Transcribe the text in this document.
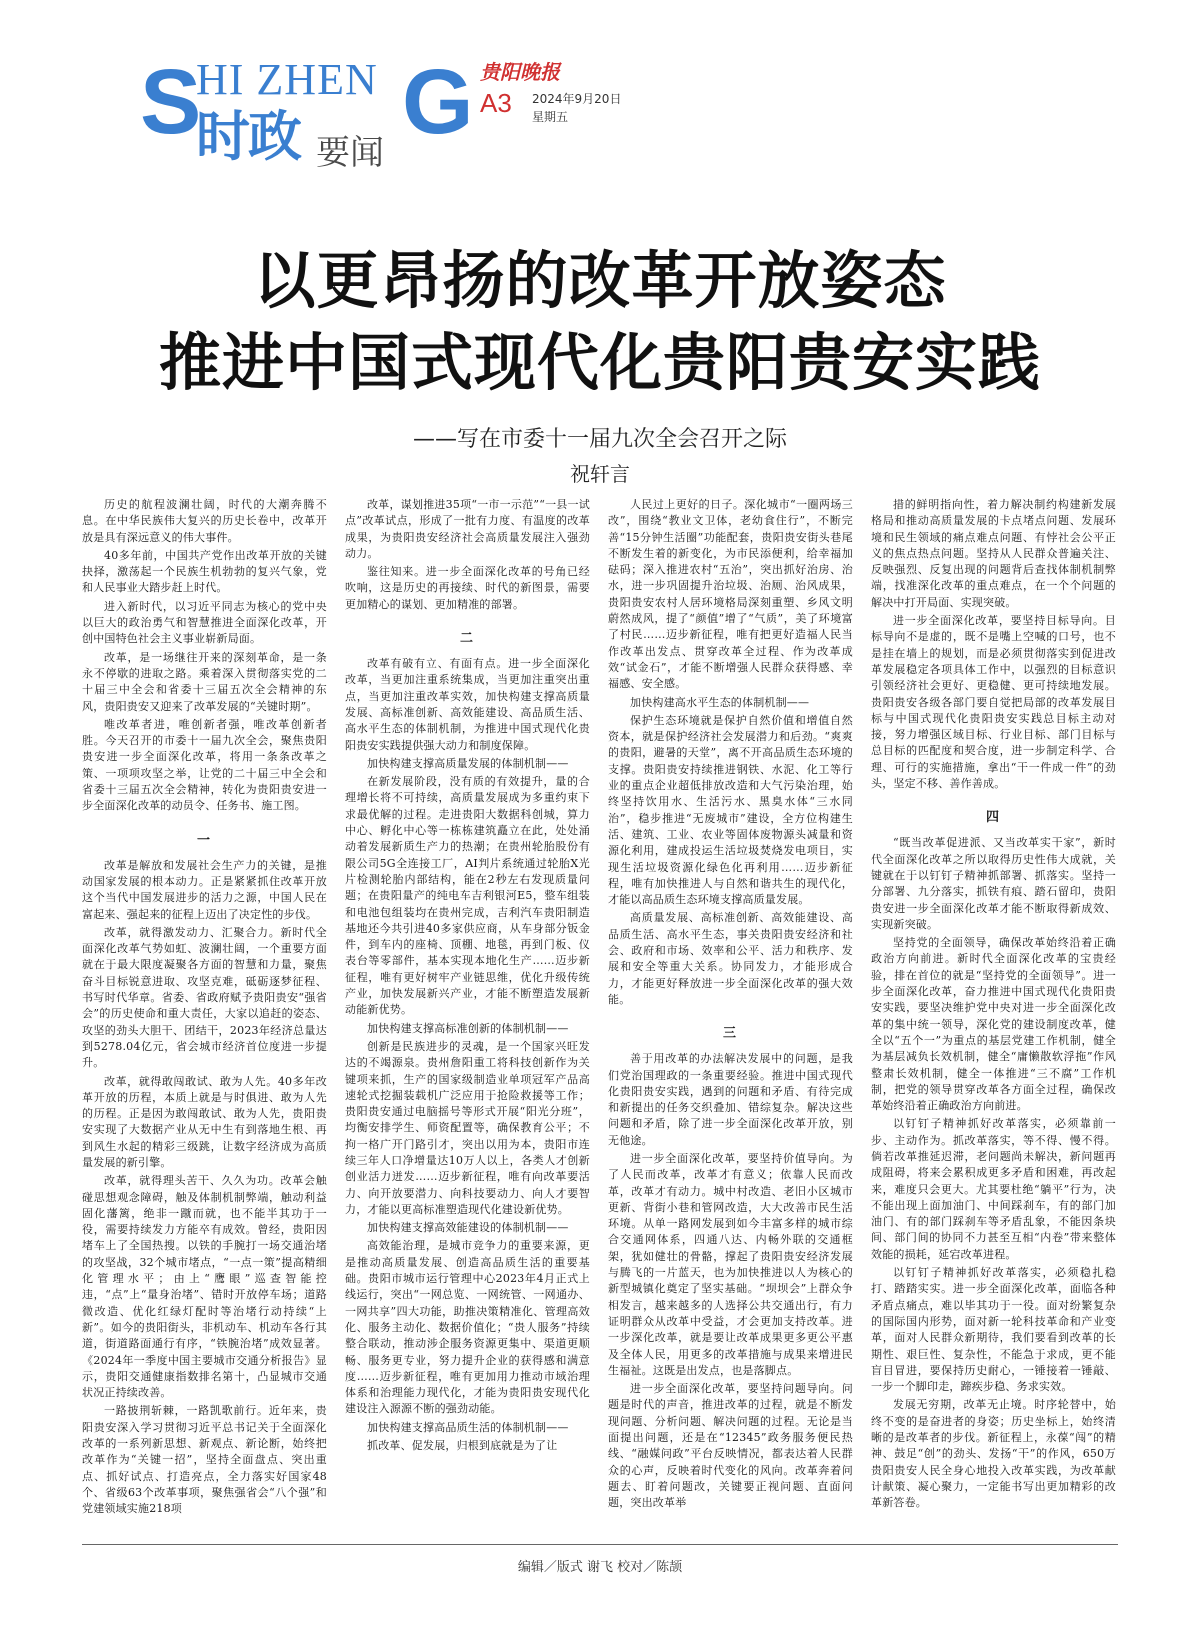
S
HI ZHEN G
时政 要闻
贵阳晚报
A3 2024年9月20日
星期五
以更昂扬的改革开放姿态
推进中国式现代化贵阳贵安实践
——写在市委十一届九次全会召开之际
祝轩言

历史的航程波澜壮阔，时代的大潮奔腾不息。在中华民族伟大复兴的历史长卷中，改革开放是具有深远意义的伟大事件。

40多年前，中国共产党作出改革开放的关键抉择，激荡起一个民族生机勃勃的复兴气象，党和人民事业大踏步赶上时代。

进入新时代，以习近平同志为核心的党中央以巨大的政治勇气和智慧推进全面深化改革，开创中国特色社会主义事业崭新局面。

改革，是一场继往开来的深刻革命，是一条永不停歇的进取之路。乘着深入贯彻落实党的二十届三中全会和省委十三届五次全会精神的东风，贵阳贵安又迎来了改革发展的“关键时期”。

唯改革者进，唯创新者强，唯改革创新者胜。今天召开的市委十一届九次全会，聚焦贵阳贵安进一步全面深化改革，将用一条条改革之策、一项项攻坚之举，让党的二十届三中全会和省委十三届五次全会精神，转化为贵阳贵安进一步全面深化改革的动员令、任务书、施工图。

一

改革是解放和发展社会生产力的关键，是推动国家发展的根本动力。正是紧紧抓住改革开放这个当代中国发展进步的活力之源，中国人民在富起来、强起来的征程上迈出了决定性的步伐。

改革，就得激发动力、汇聚合力。新时代全面深化改革气势如虹、波澜壮阔，一个重要方面就在于最大限度凝聚各方面的智慧和力量，聚焦奋斗目标锐意进取、攻坚克难，砥砺逐梦征程、书写时代华章。省委、省政府赋予贵阳贵安“强省会”的历史使命和重大责任，大家以追赶的姿态、攻坚的劲头大胆干、团结干，2023年经济总量达到5278.04亿元，省会城市经济首位度进一步提升。

改革，就得敢闯敢试、敢为人先。40多年改革开放的历程，本质上就是与时俱进、敢为人先的历程。正是因为敢闯敢试、敢为人先，贵阳贵安实现了大数据产业从无中生有到落地生根、再到风生水起的精彩三级跳，让数字经济成为高质量发展的新引擎。

改革，就得理头苦干、久久为功。改革会触碰思想观念障碍，触及体制机制弊端，触动利益固化藩篱，绝非一蹴而就，也不能半其功于一役，需要持续发力方能卒有成效。曾经，贵阳因堵车上了全国热搜。以铁的手腕打一场交通治堵的攻坚战，32个城市堵点，“一点一策”提高精细化管理水平；由上“鹰眼”巡查智能控违，“点”上“量身治堵”、错时开放停车场；道路微改造、优化红绿灯配时等治堵行动持续“上新”。如今的贵阳街头，非机动车、机动车各行其道，街道路面通行有序，“铁腕治堵”成效显著。《2024年一季度中国主要城市交通分析报告》显示，贵阳交通健康指数排名第十，凸显城市交通状况正持续改善。

一路披荆斩棘，一路凯歌前行。近年来，贵阳贵安深入学习贯彻习近平总书记关于全面深化改革的一系列新思想、新观点、新论断，始终把改革作为“关键一招”，坚持全面盘点、突出重点、抓好试点、打造亮点，全力落实好国家48个、省级63个改革事项，聚焦强省会“八个强”和党建领域实施218项

改革，谋划推进35项“一市一示范”“一县一试点”改革试点，形成了一批有力度、有温度的改革成果，为贵阳贵安经济社会高质量发展注入强劲动力。

鉴往知来。进一步全面深化改革的号角已经吹响，这是历史的再接续、时代的新图景，需要更加精心的谋划、更加精准的部署。

二

改革有破有立、有面有点。进一步全面深化改革，当更加注重系统集成，当更加注重突出重点，当更加注重改革实效，加快构建支撑高质量发展、高标准创新、高效能建设、高品质生活、高水平生态的体制机制，为推进中国式现代化贵阳贵安实践提供强大动力和制度保障。

加快构建支撑高质量发展的体制机制——

在新发展阶段，没有质的有效提升，量的合理增长将不可持续，高质量发展成为多重约束下求最优解的过程。走进贵阳大数据科创城，算力中心、孵化中心等一栋栋建筑矗立在此，处处涌动着发展新质生产力的热潮；在贵州轮胎股份有限公司5G全连接工厂，AI判片系统通过轮胎X光片检测轮胎内部结构，能在2秒左右发现质量问题；在贵阳量产的纯电车吉利银河E5，整车组装和电池包组装均在贵州完成，吉利汽车贵阳制造基地还今共引进40多家供应商，从车身部分钣金件，到车内的座椅、顶棚、地毯，再到门板、仪表台等零部件，基本实现本地化生产……迈步新征程，唯有更好树牢产业链思维，优化升级传统产业，加快发展新兴产业，才能不断塑造发展新动能新优势。

加快构建支撑高标准创新的体制机制——

创新是民族进步的灵魂，是一个国家兴旺发达的不竭源泉。贵州詹阳重工将科技创新作为关键项来抓，生产的国家级制造业单项冠军产品高速轮式挖掘装载机广泛应用于抢险救援等工作；贵阳贵安通过电脑摇号等形式开展“阳光分班”，均衡安排学生、师资配置等，确保教育公平；不拘一格广开门路引才，突出以用为本，贵阳市连续三年人口净增量达10万人以上，各类人才创新创业活力迸发……迈步新征程，唯有向改革要活力、向开放要潜力、向科技要动力、向人才要智力，才能以更高标准塑造现代化建设新优势。

加快构建支撑高效能建设的体制机制——

高效能治理，是城市竞争力的重要来源，更是推动高质量发展、创造高品质生活的重要基础。贵阳市城市运行管理中心2023年4月正式上线运行，突出“一网总览、一网统管、一网通办、一网共享”四大功能，助推决策精准化、管理高效化、服务主动化、数据价值化；“贵人服务”持续整合联动，推动涉企服务资源更集中、渠道更顺畅、服务更专业，努力提升企业的获得感和满意度……迈步新征程，唯有更加用力推动市域治理体系和治理能力现代化，才能为贵阳贵安现代化建设注入源源不断的强劲动能。

加快构建支撑高品质生活的体制机制——

抓改革、促发展，归根到底就是为了让

人民过上更好的日子。深化城市“一圈两场三改”，围绕“教业文卫体，老幼食住行”，不断完善“15分钟生活圈”功能配套，贵阳贵安街头巷尾不断发生着的新变化，为市民添便利，给幸福加砝码；深入推进农村“五治”，突出抓好治房、治水，进一步巩固提升治垃圾、治厕、治风成果，贵阳贵安农村人居环境格局深刻重塑、乡风文明蔚然成风，提了“颜值”增了“气质”，美了环境富了村民……迈步新征程，唯有把更好造福人民当作改革出发点、贯穿改革全过程、作为改革成效“试金石”，才能不断增强人民群众获得感、幸福感、安全感。

加快构建高水平生态的体制机制——

保护生态环境就是保护自然价值和增值自然资本，就是保护经济社会发展潜力和后劲。“爽爽的贵阳，避暑的天堂”，离不开高品质生态环境的支撑。贵阳贵安持续推进钢铁、水泥、化工等行业的重点企业超低排放改造和大气污染治理，始终坚持饮用水、生活污水、黑臭水体“三水同治”，稳步推进“无废城市”建设，全方位构建生活、建筑、工业、农业等固体废物源头减量和资源化利用，建成投运生活垃圾焚烧发电项目，实现生活垃圾资源化绿色化再利用……迈步新征程，唯有加快推进人与自然和谐共生的现代化，才能以高品质生态环境支撑高质量发展。

高质量发展、高标准创新、高效能建设、高品质生活、高水平生态，事关贵阳贵安经济和社会、政府和市场、效率和公平、活力和秩序、发展和安全等重大关系。协同发力，才能形成合力，才能更好释放进一步全面深化改革的强大效能。

三

善于用改革的办法解决发展中的问题，是我们党治国理政的一条重要经验。推进中国式现代化贵阳贵安实践，遇到的问题和矛盾、有待完成和新提出的任务交织叠加、错综复杂。解决这些问题和矛盾，除了进一步全面深化改革开放，别无他途。

进一步全面深化改革，要坚持价值导向。为了人民而改革，改革才有意义；依靠人民而改革，改革才有动力。城中村改造、老旧小区城市更新、背街小巷和管网改造，大大改善市民生活环境。从单一路网发展到如今丰富多样的城市综合交通网体系，四通八达、内畅外联的交通框架，犹如健壮的骨骼，撑起了贵阳贵安经济发展与腾飞的一片蓝天，也为加快推进以人为核心的新型城镇化奠定了坚实基础。“坝坝会”上群众争相发言，越来越多的人选择公共交通出行，有力证明群众从改革中受益，才会更加支持改革。进一步深化改革，就是要让改革成果更多更公平惠及全体人民，用更多的改革措施与成果来增进民生福祉。这既是出发点，也是落脚点。

进一步全面深化改革，要坚持问题导向。问题是时代的声音，推进改革的过程，就是不断发现问题、分析问题、解决问题的过程。无论是当面提出问题，还是在“12345”政务服务便民热线、“融媒问政”平台反映情况，都表达着人民群众的心声，反映着时代变化的风向。改革奔着问题去、盯着问题改，关键要正视问题、直面问题，突出改革举

措的鲜明指向性，着力解决制约构建新发展格局和推动高质量发展的卡点堵点问题、发展环境和民生领域的痛点难点问题、有悖社会公平正义的焦点热点问题。坚持从人民群众普遍关注、反映强烈、反复出现的问题背后查找体制机制弊端，找准深化改革的重点难点，在一个个问题的解决中打开局面、实现突破。

进一步全面深化改革，要坚持目标导向。目标导向不是虚的，既不是嘴上空喊的口号，也不是挂在墙上的规划，而是必须贯彻落实到促进改革发展稳定各项具体工作中，以强烈的目标意识引领经济社会更好、更稳健、更可持续地发展。贵阳贵安各级各部门要自觉把局部的改革发展目标与中国式现代化贵阳贵安实践总目标主动对接，努力增强区域目标、行业目标、部门目标与总目标的匹配度和契合度，进一步制定科学、合理、可行的实施措施，拿出“干一件成一件”的劲头，坚定不移、善作善成。

四

“既当改革促进派、又当改革实干家”，新时代全面深化改革之所以取得历史性伟大成就，关键就在于以钉钉子精神抓部署、抓落实。坚持一分部署、九分落实，抓铁有痕、踏石留印，贵阳贵安进一步全面深化改革才能不断取得新成效、实现新突破。

坚持党的全面领导，确保改革始终沿着正确政治方向前进。新时代全面深化改革的宝贵经验，排在首位的就是“坚持党的全面领导”。进一步全面深化改革，奋力推进中国式现代化贵阳贵安实践，要坚决维护党中央对进一步全面深化改革的集中统一领导，深化党的建设制度改革，健全以“五个一”为重点的基层党建工作机制，健全为基层减负长效机制，健全“庸懒散软浮拖”作风整肃长效机制，健全一体推进“三不腐”工作机制，把党的领导贯穿改革各方面全过程，确保改革始终沿着正确政治方向前进。

以钉钉子精神抓好改革落实，必须靠前一步、主动作为。抓改革落实，等不得、慢不得。倘若改革推延迟滞，老问题尚未解决，新问题再成阻碍，将来会累积成更多矛盾和困难，再改起来，难度只会更大。尤其要杜绝“躺平”行为，决不能出现上面加油门、中间踩刹车，有的部门加油门、有的部门踩刹车等矛盾乱象，不能因条块间、部门间的协同不力甚至互相“内卷”带来整体效能的损耗，延宕改革进程。

以钉钉子精神抓好改革落实，必须稳扎稳打、踏踏实实。进一步全面深化改革，面临各种矛盾点痛点，难以毕其功于一役。面对纷繁复杂的国际国内形势，面对新一轮科技革命和产业变革，面对人民群众新期待，我们要看到改革的长期性、艰巨性、复杂性，不能急于求成，更不能盲目冒进，要保持历史耐心，一锤接着一锤敲、一步一个脚印走，蹄疾步稳、务求实效。

发展无穷期，改革无止境。时序轮替中，始终不变的是奋进者的身姿；历史坐标上，始终清晰的是改革者的步伐。新征程上，永葆“闯”的精神、鼓足“创”的劲头、发扬“干”的作风，650万贵阳贵安人民全身心地投入改革实践，为改革献计献策、凝心聚力，一定能书写出更加精彩的改革新答卷。

编辑／版式 谢飞 校对／陈颉
